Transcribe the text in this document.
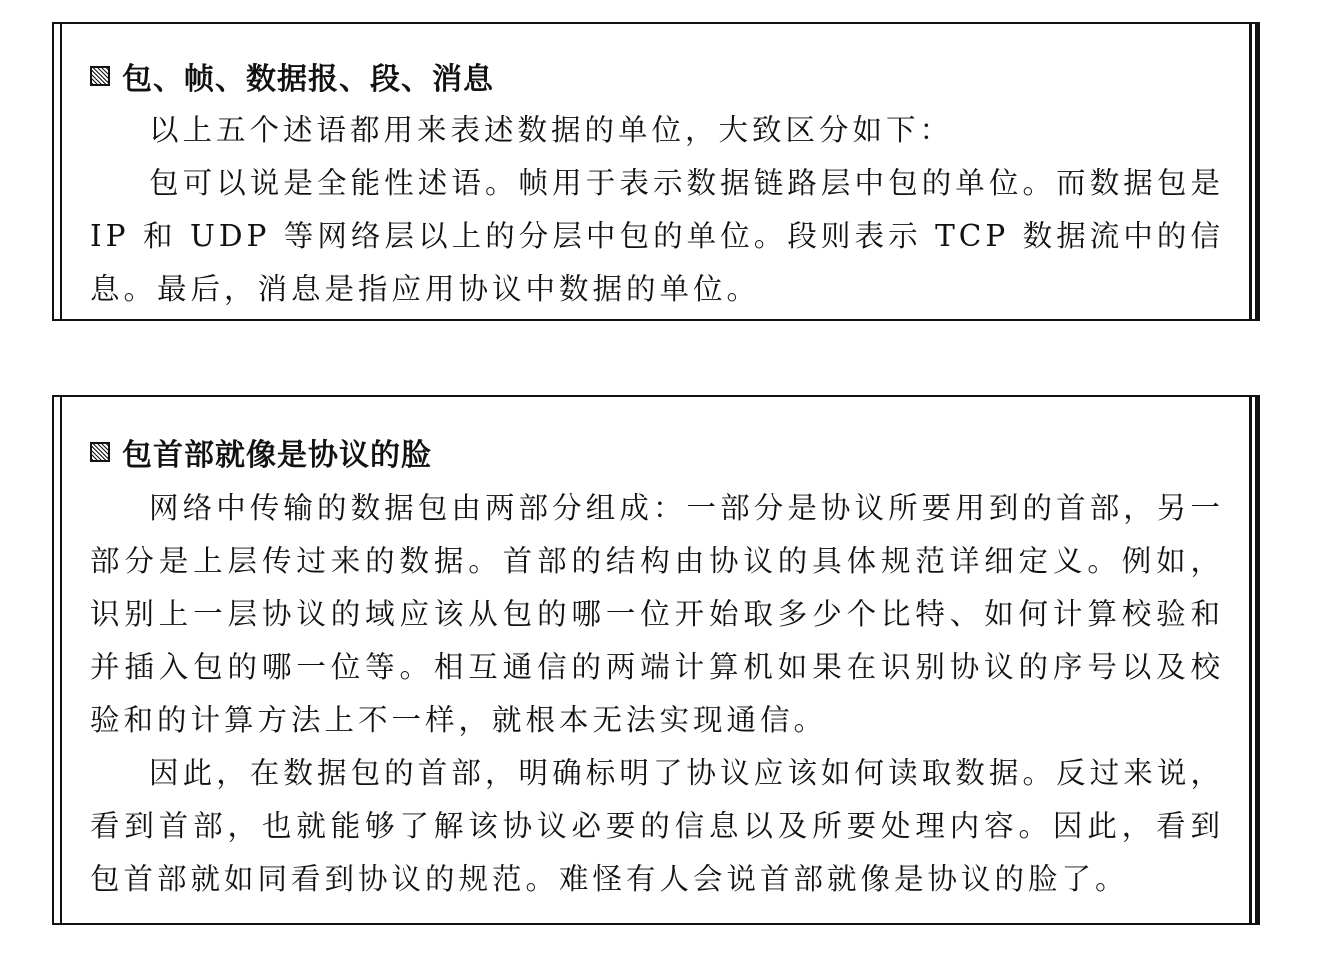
包、帧、数据报、段、消息

以上五个述语都用来表述数据的单位，大致区分如下：

包可以说是全能性述语。帧用于表示数据链路层中包的单位。而数据包是 IP 和 UDP 等网络层以上的分层中包的单位。段则表示 TCP 数据流中的信息。最后，消息是指应用协议中数据的单位。

包首部就像是协议的脸

网络中传输的数据包由两部分组成：一部分是协议所要用到的首部，另一部分是上层传过来的数据。首部的结构由协议的具体规范详细定义。例如，识别上一层协议的域应该从包的哪一位开始取多少个比特、如何计算校验和并插入包的哪一位等。相互通信的两端计算机如果在识别协议的序号以及校验和的计算方法上不一样，就根本无法实现通信。

因此，在数据包的首部，明确标明了协议应该如何读取数据。反过来说，看到首部，也就能够了解该协议必要的信息以及所要处理内容。因此，看到包首部就如同看到协议的规范。难怪有人会说首部就像是协议的脸了。
